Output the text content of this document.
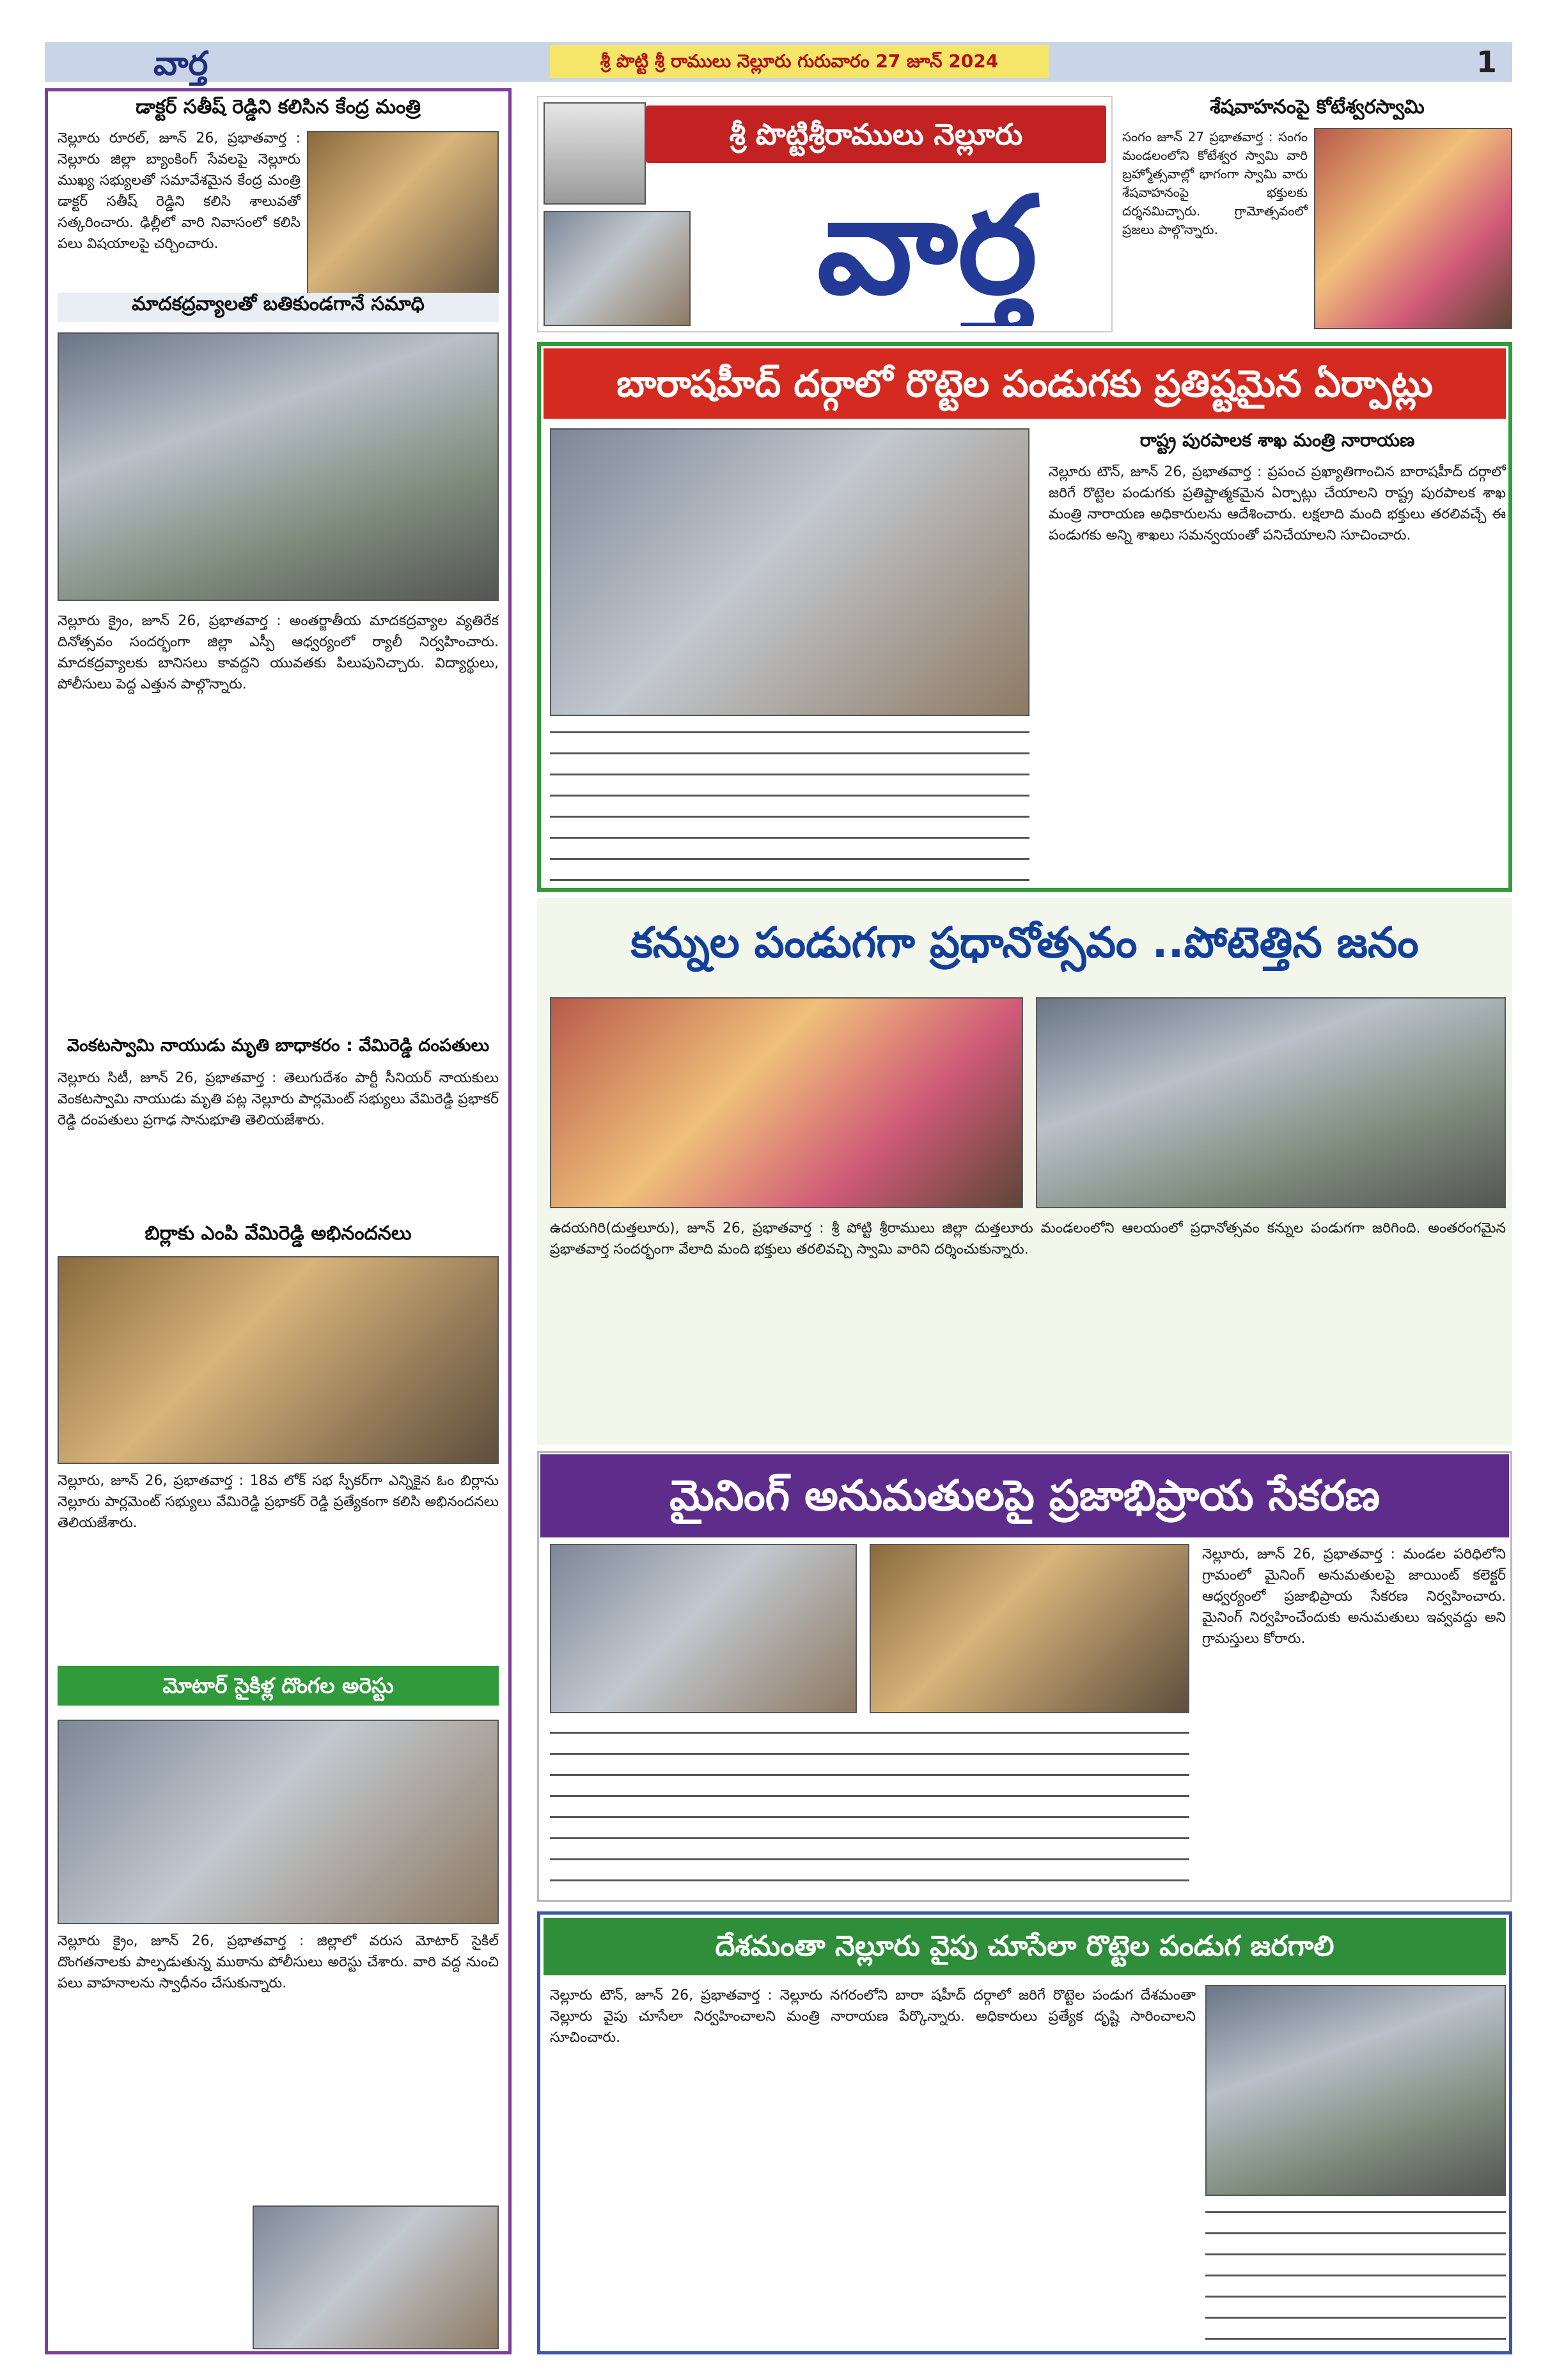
వార్త	శ్రీ పొట్టి శ్రీ రాములు నెల్లూరు గురువారం 27 జూన్ 2024	1
డాక్టర్ సతీష్ రెడ్డిని కలిసిన కేంద్ర మంత్రి
నెల్లూరు రూరల్, జూన్ 26, ప్రభాతవార్త : నెల్లూరు జిల్లా బ్యాంకింగ్ సేవలపై నెల్లూరు ముఖ్య సభ్యులతో సమావేశమైన కేంద్ర మంత్రి డాక్టర్ సతీష్ రెడ్డిని కలిసి శాలువతో సత్కరించారు. ఢిల్లీలో వారి నివాసంలో కలిసి పలు విషయాలపై చర్చించారు.
మాదకద్రవ్యాలతో బతికుండగానే సమాధి
నెల్లూరు క్రైం, జూన్ 26, ప్రభాతవార్త : అంతర్జాతీయ మాదకద్రవ్యాల వ్యతిరేక దినోత్సవం సందర్భంగా జిల్లా ఎస్పీ ఆధ్వర్యంలో ర్యాలీ నిర్వహించారు. మాదకద్రవ్యాలకు బానిసలు కావద్దని యువతకు పిలుపునిచ్చారు. విద్యార్థులు, పోలీసులు పెద్ద ఎత్తున పాల్గొన్నారు.
వెంకటస్వామి నాయుడు మృతి బాధాకరం : వేమిరెడ్డి దంపతులు
నెల్లూరు సిటీ, జూన్ 26, ప్రభాతవార్త : తెలుగుదేశం పార్టీ సీనియర్ నాయకులు వెంకటస్వామి నాయుడు మృతి పట్ల నెల్లూరు పార్లమెంట్ సభ్యులు వేమిరెడ్డి ప్రభాకర్ రెడ్డి దంపతులు ప్రగాఢ సానుభూతి తెలియజేశారు.
బిర్లాకు ఎంపి వేమిరెడ్డి అభినందనలు
నెల్లూరు, జూన్ 26, ప్రభాతవార్త : 18వ లోక్ సభ స్పీకర్‌గా ఎన్నికైన ఓం బిర్లాను నెల్లూరు పార్లమెంట్ సభ్యులు వేమిరెడ్డి ప్రభాకర్ రెడ్డి ప్రత్యేకంగా కలిసి అభినందనలు తెలియజేశారు.
మోటార్ సైకిళ్ల దొంగల అరెస్టు
నెల్లూరు క్రైం, జూన్ 26, ప్రభాతవార్త : జిల్లాలో వరుస మోటార్ సైకిల్ దొంగతనాలకు పాల్పడుతున్న ముఠాను పోలీసులు అరెస్టు చేశారు. వారి వద్ద నుంచి పలు వాహనాలను స్వాధీనం చేసుకున్నారు.
శ్రీ పొట్టిశ్రీరాములు నెల్లూరు
వార్త
శేషవాహనంపై కోటేశ్వరస్వామి
సంగం జూన్ 27 ప్రభాతవార్త : సంగం మండలంలోని కోటేశ్వర స్వామి వారి బ్రహ్మోత్సవాల్లో భాగంగా స్వామి వారు శేషవాహనంపై భక్తులకు దర్శనమిచ్చారు. గ్రామోత్సవంలో ప్రజలు పాల్గొన్నారు.
బారాషహీద్ దర్గాలో రొట్టెల పండుగకు ప్రతిష్టమైన ఏర్పాట్లు
రాష్ట్ర పురపాలక శాఖ మంత్రి నారాయణ
నెల్లూరు టౌన్, జూన్ 26, ప్రభాతవార్త : ప్రపంచ ప్రఖ్యాతిగాంచిన బారాషహీద్ దర్గాలో జరిగే రొట్టెల పండుగకు ప్రతిష్టాత్మకమైన ఏర్పాట్లు చేయాలని రాష్ట్ర పురపాలక శాఖ మంత్రి నారాయణ అధికారులను ఆదేశించారు. లక్షలాది మంది భక్తులు తరలివచ్చే ఈ పండుగకు అన్ని శాఖలు సమన్వయంతో పనిచేయాలని సూచించారు.
కన్నుల పండుగగా ప్రధానోత్సవం ..పోటెత్తిన జనం
ఉదయగిరి(దుత్తలూరు), జూన్ 26, ప్రభాతవార్త : శ్రీ పోట్టి శ్రీరాములు జిల్లా దుత్తలూరు మండలంలోని ఆలయంలో ప్రధానోత్సవం కన్నుల పండుగగా జరిగింది. అంతరంగమైన ప్రభాతవార్త సందర్భంగా వేలాది మంది భక్తులు తరలివచ్చి స్వామి వారిని దర్శించుకున్నారు.
మైనింగ్ అనుమతులపై ప్రజాభిప్రాయ సేకరణ
నెల్లూరు, జూన్ 26, ప్రభాతవార్త : మండల పరిధిలోని గ్రామంలో మైనింగ్ అనుమతులపై జాయింట్ కలెక్టర్ ఆధ్వర్యంలో ప్రజాభిప్రాయ సేకరణ నిర్వహించారు. మైనింగ్ నిర్వహించేందుకు అనుమతులు ఇవ్వవద్దు అని గ్రామస్తులు కోరారు.
దేశమంతా నెల్లూరు వైపు చూసేలా రొట్టెల పండుగ జరగాలి
నెల్లూరు టౌన్, జూన్ 26, ప్రభాతవార్త : నెల్లూరు నగరంలోని బారా షహీద్ దర్గాలో జరిగే రొట్టెల పండుగ దేశమంతా నెల్లూరు వైపు చూసేలా నిర్వహించాలని మంత్రి నారాయణ పేర్కొన్నారు. అధికారులు ప్రత్యేక దృష్టి సారించాలని సూచించారు.
